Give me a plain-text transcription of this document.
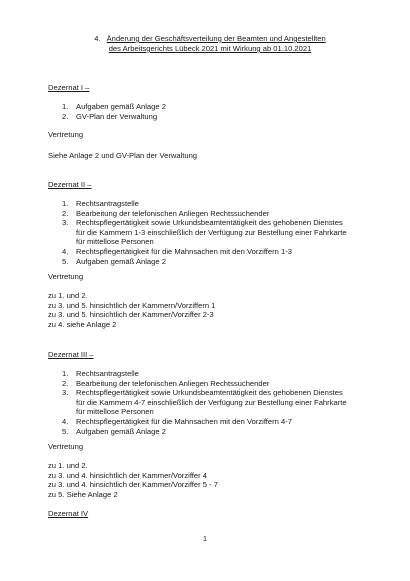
4. Änderung der Geschäftsverteilung der Beamten und Angestellten
des Arbeitsgerichts Lübeck 2021 mit Wirkung ab 01.10.2021
Dezernat I –
1. Aufgaben gemäß Anlage 2
2. GV-Plan der Verwaltung
Vertretung
Siehe Anlage 2 und GV-Plan der Verwaltung
Dezernat II –
1. Rechtsantragstelle
2. Bearbeitung der telefonischen Anliegen Rechtssuchender
3. Rechtspflegertätigkeit sowie Urkundsbeamtentätigkeit des gehobenen Dienstes für die Kammern 1-3 einschließlich der Verfügung zur Bestellung einer Fahrkarte für mittellose Personen
4. Rechtspflegertätigkeit für die Mahnsachen mit den Vorziffern 1-3
5. Aufgaben gemäß Anlage 2
Vertretung
zu 1. und 2.
zu 3. und 5. hinsichtlich der Kammern/Vorziffern 1
zu 3. und 5. hinsichtlich der Kammer/Vorziffer 2-3
zu 4. siehe Anlage 2
Dezernat III –
1. Rechtsantragstelle
2. Bearbeitung der telefonischen Anliegen Rechtssuchender
3. Rechtspflegertätigkeit sowie Urkundsbeamtentätigkeit des gehobenen Dienstes für die Kammern 4-7 einschließlich der Verfügung zur Bestellung einer Fahrkarte für mittellose Personen
4. Rechtspflegertätigkeit für die Mahnsachen mit den Vorziffern 4-7
5. Aufgaben gemäß Anlage 2
Vertretung
zu 1. und 2.
zu 3. und 4. hinsichtlich der Kammer/Vorziffer 4
zu 3. und 4. hinsichtlich der Kammer/Vorziffer 5 - 7
zu 5. Siehe Anlage 2
Dezernat IV
1
